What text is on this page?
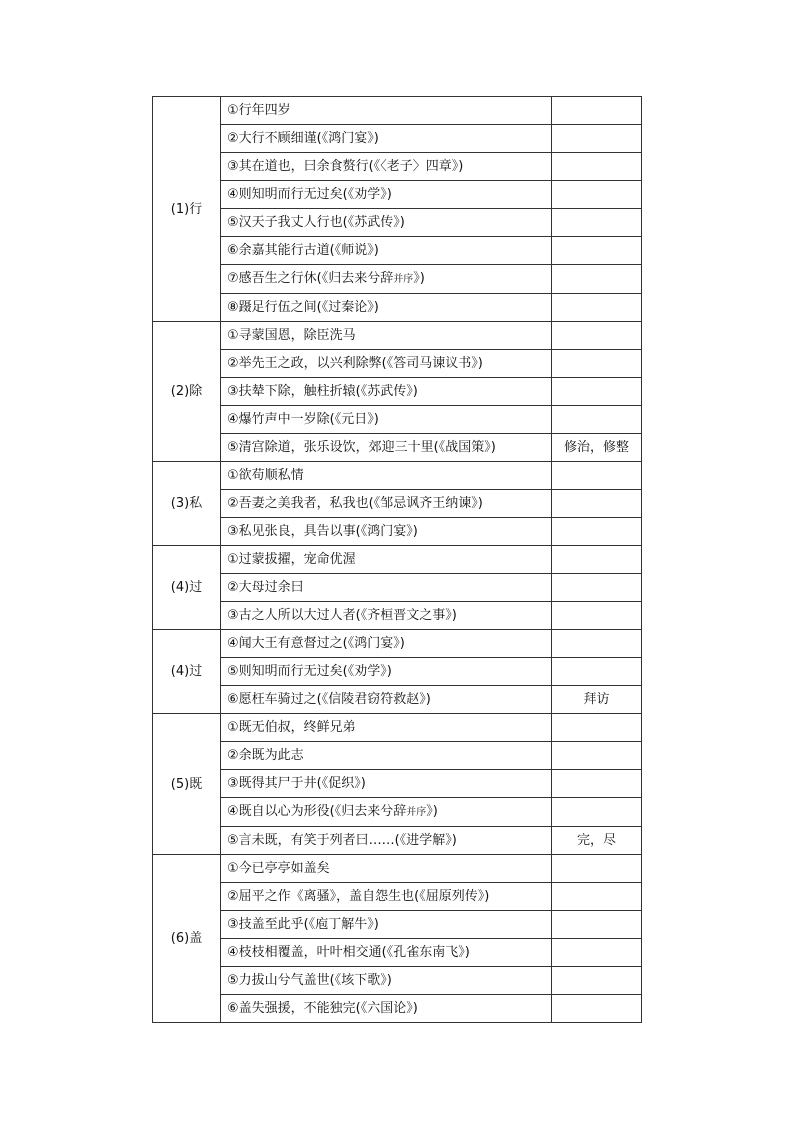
(1)行	①行年四岁	
	②大行不顾细谨(《鸿门宴》)	
	③其在道也，曰余食赘行(《〈老子〉四章》)	
	④则知明而行无过矣(《劝学》)	
	⑤汉天子我丈人行也(《苏武传》)	
	⑥余嘉其能行古道(《师说》)	
	⑦感吾生之行休(《归去来兮辞并序》)	
	⑧蹑足行伍之间(《过秦论》)	
(2)除	①寻蒙国恩，除臣洗马	
	②举先王之政，以兴利除弊(《答司马谏议书》)	
	③扶辇下除，触柱折辕(《苏武传》)	
	④爆竹声中一岁除(《元日》)	
	⑤清宫除道，张乐设饮，郊迎三十里(《战国策》)	修治，修整
(3)私	①欲苟顺私情	
	②吾妻之美我者，私我也(《邹忌讽齐王纳谏》)	
	③私见张良，具告以事(《鸿门宴》)	
(4)过	①过蒙拔擢，宠命优渥	
	②大母过余曰	
	③古之人所以大过人者(《齐桓晋文之事》)	
(4)过	④闻大王有意督过之(《鸿门宴》)	
	⑤则知明而行无过矣(《劝学》)	
	⑥愿枉车骑过之(《信陵君窃符救赵》)	拜访
(5)既	①既无伯叔，终鲜兄弟	
	②余既为此志	
	③既得其尸于井(《促织》)	
	④既自以心为形役(《归去来兮辞并序》)	
	⑤言未既，有笑于列者曰……(《进学解》)	完，尽
(6)盖	①今已亭亭如盖矣	
	②屈平之作《离骚》，盖自怨生也(《屈原列传》)	
	③技盖至此乎(《庖丁解牛》)	
	④枝枝相覆盖，叶叶相交通(《孔雀东南飞》)	
	⑤力拔山兮气盖世(《垓下歌》)	
	⑥盖失强援，不能独完(《六国论》)	
